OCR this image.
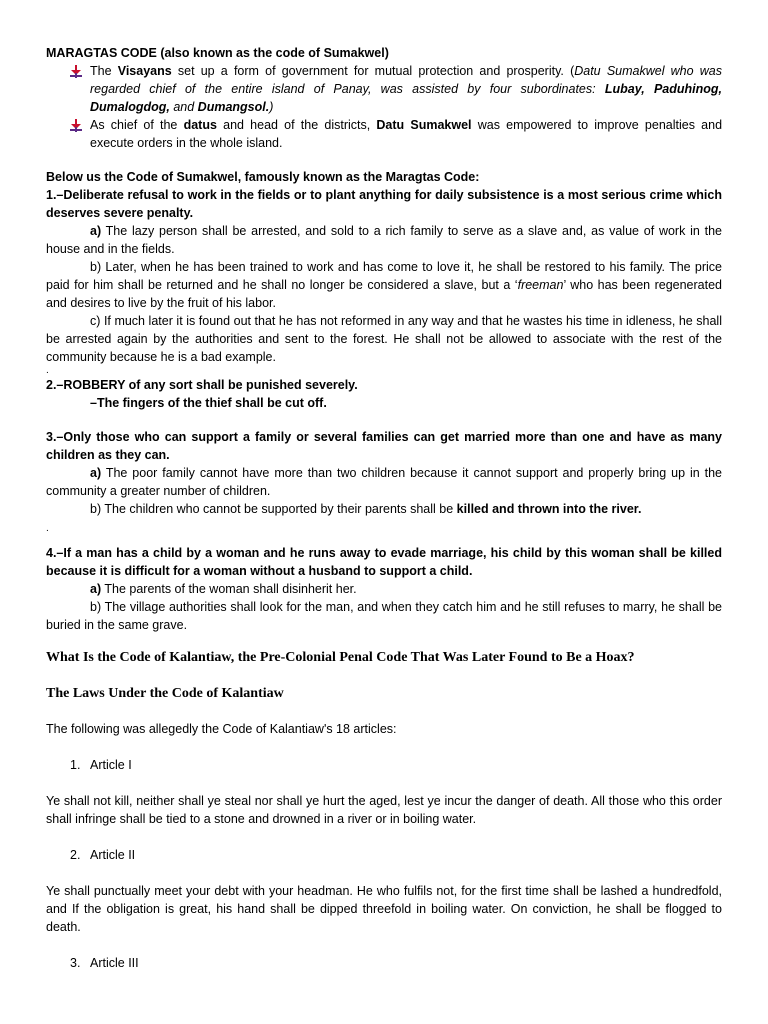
MARAGTAS CODE (also known as the code of Sumakwel)

The Visayans set up a form of government for mutual protection and prosperity. (Datu Sumakwel who was regarded chief of the entire island of Panay, was assisted by four subordinates: Lubay, Paduhinog, Dumalogdog, and Dumangsol.)
As chief of the datus and head of the districts, Datu Sumakwel was empowered to improve penalties and execute orders in the whole island.

Below us the Code of Sumakwel, famously known as the Maragtas Code:

1.–Deliberate refusal to work in the fields or to plant anything for daily subsistence is a most serious crime which deserves severe penalty.

a) The lazy person shall be arrested, and sold to a rich family to serve as a slave and, as value of work in the house and in the fields.

b) Later, when he has been trained to work and has come to love it, he shall be restored to his family. The price paid for him shall be returned and he shall no longer be considered a slave, but a ‘freeman’ who has been regenerated and desires to live by the fruit of his labor.

c) If much later it is found out that he has not reformed in any way and that he wastes his time in idleness, he shall be arrested again by the authorities and sent to the forest. He shall not be allowed to associate with the rest of the community because he is a bad example.

.

2.–ROBBERY of any sort shall be punished severely.

–The fingers of the thief shall be cut off.

3.–Only those who can support a family or several families can get married more than one and have as many children as they can.

a) The poor family cannot have more than two children because it cannot support and properly bring up in the community a greater number of children.

b) The children who cannot be supported by their parents shall be killed and thrown into the river.

.

4.–If a man has a child by a woman and he runs away to evade marriage, his child by this woman shall be killed because it is difficult for a woman without a husband to support a child.

a) The parents of the woman shall disinherit her.

b) The village authorities shall look for the man, and when they catch him and he still refuses to marry, he shall be buried in the same grave.

What Is the Code of Kalantiaw, the Pre-Colonial Penal Code That Was Later Found to Be a Hoax?

The Laws Under the Code of Kalantiaw

The following was allegedly the Code of Kalantiaw's 18 articles:

1. Article I

Ye shall not kill, neither shall ye steal nor shall ye hurt the aged, lest ye incur the danger of death. All those who this order shall infringe shall be tied to a stone and drowned in a river or in boiling water.

2. Article II

Ye shall punctually meet your debt with your headman. He who fulfils not, for the first time shall be lashed a hundredfold, and If the obligation is great, his hand shall be dipped threefold in boiling water. On conviction, he shall be flogged to death.

3. Article III
